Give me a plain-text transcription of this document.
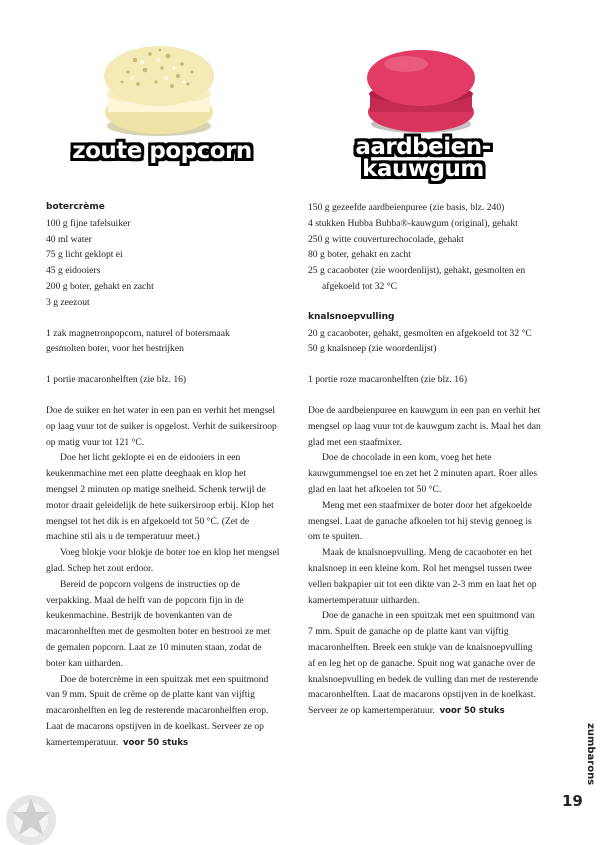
zoute popcorn	aardbeien-
kauwgum

botercrème

100 g fijne tafelsuiker

40 ml water

75 g licht geklopt ei

45 g eidooiers

200 g boter, gehakt en zacht

3 g zeezout

1 zak magnetronpopcorn, naturel of botersmaak

gesmolten boter, voor het bestrijken

1 portie macaronhelften (zie blz. 16)

Doe de suiker en het water in een pan en verhit het mengsel op laag vuur tot de suiker is opgelost. Verhit de suikersiroop op matig vuur tot 121 °C.

Doe het licht geklopte ei en de eidooiers in een keukenmachine met een platte deeghaak en klop het mengsel 2 minuten op matige snelheid. Schenk terwijl de motor draait geleidelijk de hete suikersiroop erbij. Klop het mengsel tot het dik is en afgekoeld tot 50 °C. (Zet de machine stil als u de temperatuur meet.)

Voeg blokje voor blokje de boter toe en klop het mengsel glad. Schep het zout erdoor.

Bereid de popcorn volgens de instructies op de verpakking. Maal de helft van de popcorn fijn in de keukenmachine. Bestrijk de bovenkanten van de macaronhelften met de gesmolten boter en bestrooi ze met de gemalen popcorn. Laat ze 10 minuten staan, zodat de boter kan uitharden.

Doe de botercrème in een spuitzak met een spuitmond van 9 mm. Spuit de crème op de platte kant van vijftig macaronhelften en leg de resterende macaronhelften erop. Laat de macarons opstijven in de koelkast. Serveer ze op kamertemperatuur. voor 50 stuks

150 g gezeefde aardbeienpuree (zie basis, blz. 240)

4 stukken Hubba Bubba®-kauwgum (original), gehakt

250 g witte couverturechocolade, gehakt

80 g boter, gehakt en zacht

25 g cacaoboter (zie woordenlijst), gehakt, gesmolten en afgekoeld tot 32 °C

knalsnoepvulling

20 g cacaoboter, gehakt, gesmolten en afgekoeld tot 32 °C

50 g knalsnoep (zie woordenlijst)

1 portie roze macaronhelften (zie blz. 16)

Doe de aardbeienpuree en kauwgum in een pan en verhit het mengsel op laag vuur tot de kauwgum zacht is. Maal het dan glad met een staafmixer.

Doe de chocolade in een kom, voeg het hete kauwgummengsel toe en zet het 2 minuten apart. Roer alles glad en laat het afkoelen tot 50 °C.

Meng met een staafmixer de boter door het afgekoelde mengsel. Laat de ganache afkoelen tot hij stevig genoeg is om te spuiten.

Maak de knalsnoepvulling. Meng de cacaoboter en het knalsnoep in een kleine kom. Rol het mengsel tussen twee vellen bakpapier uit tot een dikte van 2-3 mm en laat het op kamertemperatuur uitharden.

Doe de ganache in een spuitzak met een spuitmond van 7 mm. Spuit de ganache op de platte kant van vijftig macaronhelften. Breek een stukje van de knalsnoepvulling af en leg het op de ganache. Spuit nog wat ganache over de knalsnoepvulling en bedek de vulling dan met de resterende macaronhelften. Laat de macarons opstijven in de koelkast. Serveer ze op kamertemperatuur. voor 50 stuks

zumbarons
19
